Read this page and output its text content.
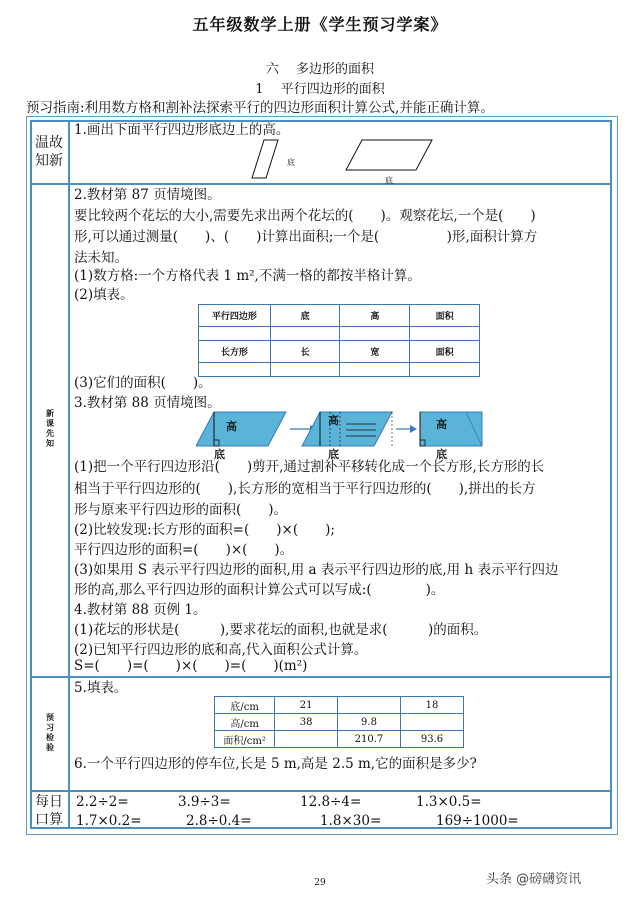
五年级数学上册《学生预习学案》
六　 多边形的面积
1　 平行四边形的面积
预习指南:利用数方格和割补法探索平行的四边形面积计算公式,并能正确计算。
温故
知新
1.画出下面平行四边形底边上的高。
底
底
新
课
先
知
2.教材第 87 页情境图。
要比较两个花坛的大小,需要先求出两个花坛的(　　)。观察花坛,一个是(　　)
形,可以通过测量(　　)、(　　)计算出面积;一个是(　　　　　)形,面积计算方
法未知。
(1)数方格:一个方格代表 1 m²,不满一格的都按半格计算。
(2)填表。
平行四边形	底	高	面积

长方形	长	宽	面积

(3)它们的面积(　　)。
3.教材第 88 页情境图。
高
底
高
底
高
底
(1)把一个平行四边形沿(　　)剪开,通过割补平移转化成一个长方形,长方形的长
相当于平行四边形的(　　),长方形的宽相当于平行四边形的(　　),拼出的长方
形与原来平行四边形的面积(　　)。
(2)比较发现:长方形的面积=(　　)×(　　);
平行四边形的面积=(　　)×(　　)。
(3)如果用 S 表示平行四边形的面积,用 a 表示平行四边形的底,用 h 表示平行四边
形的高,那么平行四边形的面积计算公式可以写成:(　　　　)。
4.教材第 88 页例 1。
(1)花坛的形状是(　　　),要求花坛的面积,也就是求(　　　)的面积。
(2)已知平行四边形的底和高,代入面积公式计算。
S=(　　)=(　　)×(　　)=(　　)(m²)
预
习
检
验
5.填表。
底/cm	21		18
高/cm	38	9.8	
面积/cm²		210.7	93.6
6.一个平行四边形的停车位,长是 5 m,高是 2.5 m,它的面积是多少?
每日
口算
2.2÷2=	3.9÷3=	12.8÷4=	1.3×0.5=
1.7×0.2=	2.8÷0.4=	1.8×30=	169÷1000=
29	头条 @磅礴资讯
